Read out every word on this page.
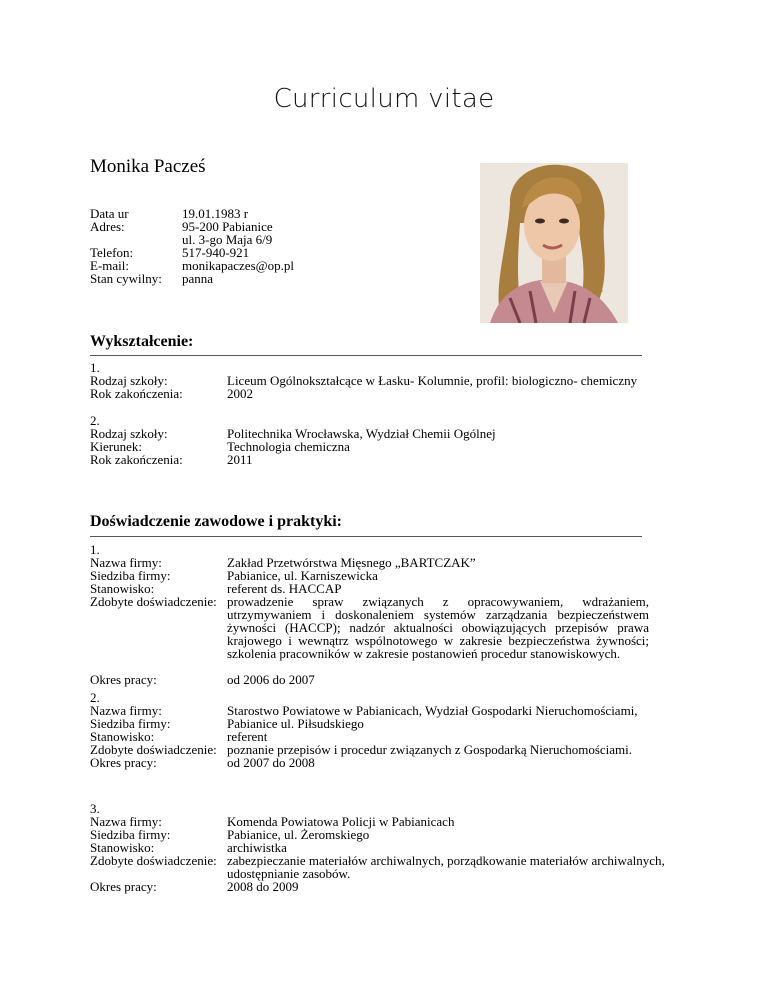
Curriculum vitae
Monika Pacześ
Data ur	19.01.1983 r
Adres:	95-200 Pabianice
ul. 3-go Maja 6/9
Telefon:	517-940-921
E-mail:	monikapaczes@op.pl
Stan cywilny: panna
Wykształcenie:
1.
Rodzaj szkoły:	Liceum Ogólnokształcące w Łasku- Kolumnie, profil: biologiczno- chemiczny
Rok zakończenia:	2002
2.
Rodzaj szkoły:	Politechnika Wrocławska, Wydział Chemii Ogólnej
Kierunek:	Technologia chemiczna
Rok zakończenia:	2011
Doświadczenie zawodowe i praktyki:
1.
Nazwa firmy:	Zakład Przetwórstwa Mięsnego „BARTCZAK”
Siedziba firmy:	Pabianice, ul. Karniszewicka
Stanowisko:	referent ds. HACCAP
Zdobyte doświadczenie: prowadzenie spraw związanych z opracowywaniem, wdrażaniem, utrzymywaniem i doskonaleniem systemów zarządzania bezpieczeństwem żywności (HACCP); nadzór aktualności obowiązujących przepisów prawa krajowego i wewnątrz wspólnotowego w zakresie bezpieczeństwa żywności; szkolenia pracowników w zakresie postanowień procedur stanowiskowych.
Okres pracy:	od 2006 do 2007
2.
Nazwa firmy:	Starostwo Powiatowe w Pabianicach, Wydział Gospodarki Nieruchomościami,
Siedziba firmy:	Pabianice ul. Piłsudskiego
Stanowisko:	referent
Zdobyte doświadczenie: poznanie przepisów i procedur związanych z Gospodarką Nieruchomościami.
Okres pracy:	od 2007 do 2008
3.
Nazwa firmy:	Komenda Powiatowa Policji w Pabianicach
Siedziba firmy:	Pabianice, ul. Żeromskiego
Stanowisko:	archiwistka
Zdobyte doświadczenie: zabezpieczanie materiałów archiwalnych, porządkowanie materiałów archiwalnych, udostępnianie zasobów.
Okres pracy:	2008 do 2009
